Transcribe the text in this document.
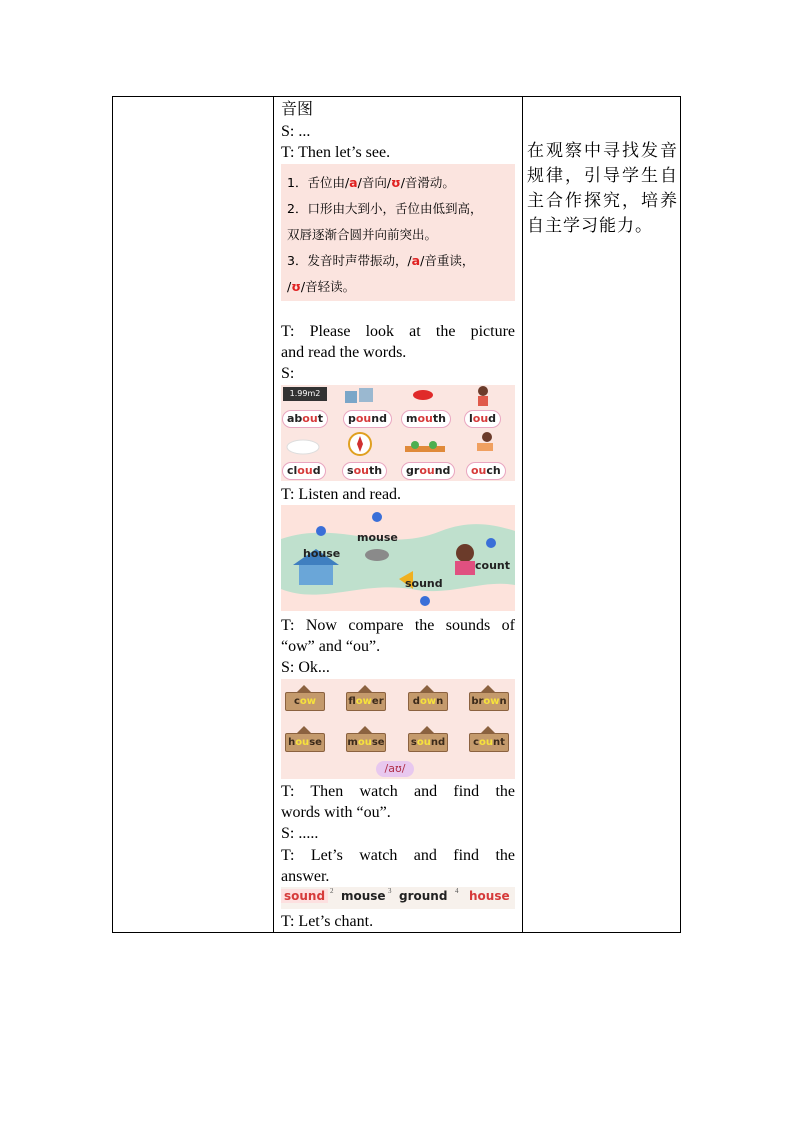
在观察中寻找发音规律，引导学生自主合作探究，培养自主学习能力。
音图
S: ...
T: Then let’s see.
1．舌位由/a/音向/ʊ/音滑动。
2．口形由大到小，舌位由低到高，
双唇逐渐合圆并向前突出。
3．发音时声带振动，/a/音重读，
/ʊ/音轻读。
T: Please look at the picture
and read the words.
S:
1.99m2
about	pound	mouth	loud
cloud	south	ground	ouch
T: Listen and read.
house
mouse
sound
count
T: Now compare the sounds of
“ow” and “ou”.
S: Ok...
cow	flower	down	brown
house	mouse	sound	count
/aʊ/
T: Then watch and find the
words with “ou”.
S: .....
T: Let’s watch and find the
answer.
sound 2 mouse 3 ground 4 house
T: Let’s chant.
